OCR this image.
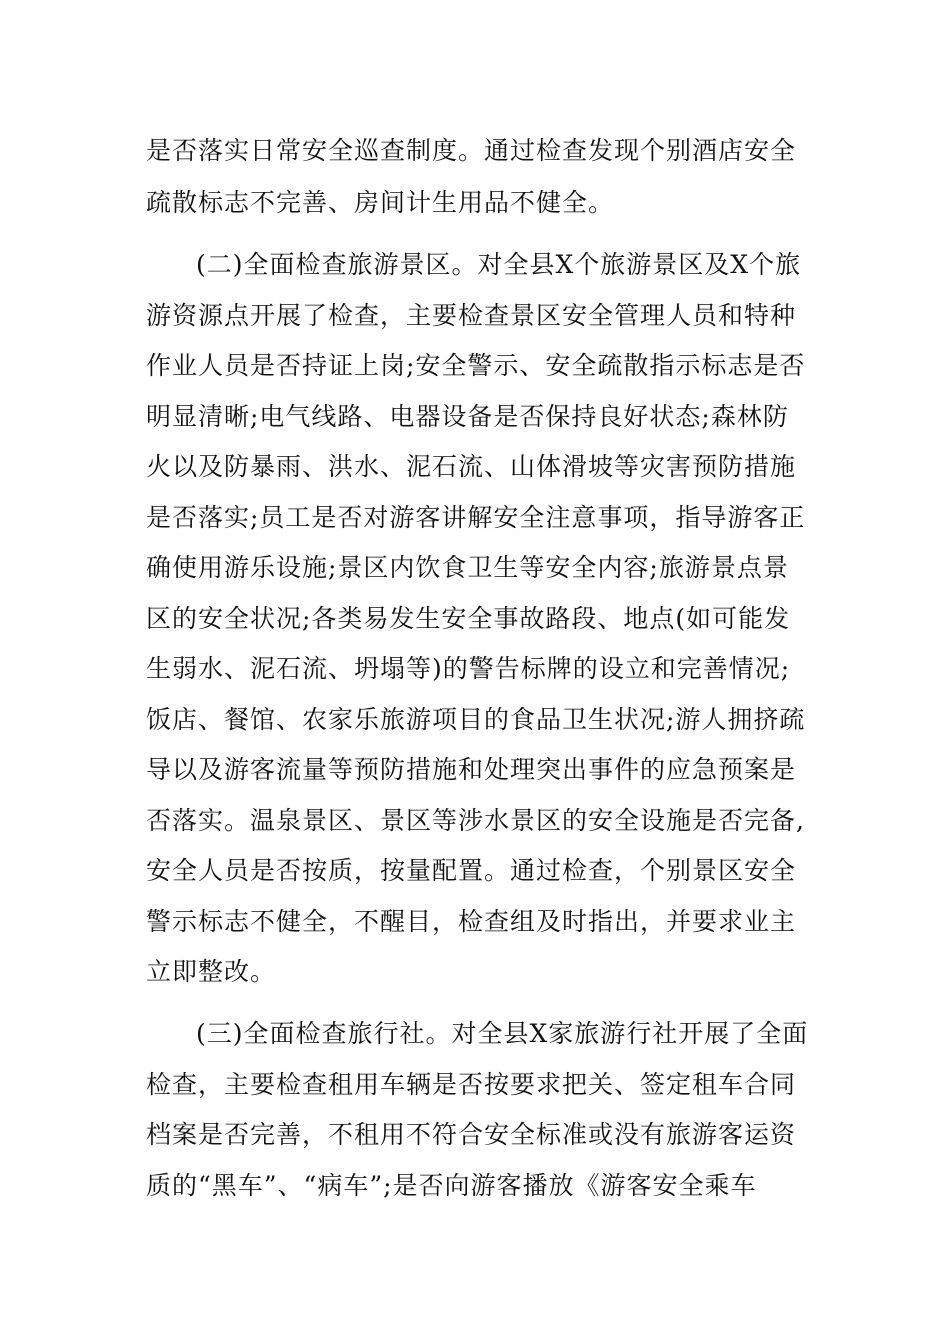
是否落实日常安全巡查制度。通过检查发现个别酒店安全
疏散标志不完善、房间计生用品不健全。
(二)全面检查旅游景区。对全县X个旅游景区及X个旅
游资源点开展了检查，主要检查景区安全管理人员和特种
作业人员是否持证上岗;安全警示、安全疏散指示标志是否
明显清晰;电气线路、电器设备是否保持良好状态;森林防
火以及防暴雨、洪水、泥石流、山体滑坡等灾害预防措施
是否落实;员工是否对游客讲解安全注意事项，指导游客正
确使用游乐设施;景区内饮食卫生等安全内容;旅游景点景
区的安全状况;各类易发生安全事故路段、地点(如可能发
生弱水、泥石流、坍塌等)的警告标牌的设立和完善情况;
饭店、餐馆、农家乐旅游项目的食品卫生状况;游人拥挤疏
导以及游客流量等预防措施和处理突出事件的应急预案是
否落实。温泉景区、景区等涉水景区的安全设施是否完备,
安全人员是否按质，按量配置。通过检查，个别景区安全
警示标志不健全，不醒目，检查组及时指出，并要求业主
立即整改。
(三)全面检查旅行社。对全县X家旅游行社开展了全面
检查，主要检查租用车辆是否按要求把关、签定租车合同
档案是否完善，不租用不符合安全标准或没有旅游客运资
质的“黑车”、“病车”;是否向游客播放《游客安全乘车
